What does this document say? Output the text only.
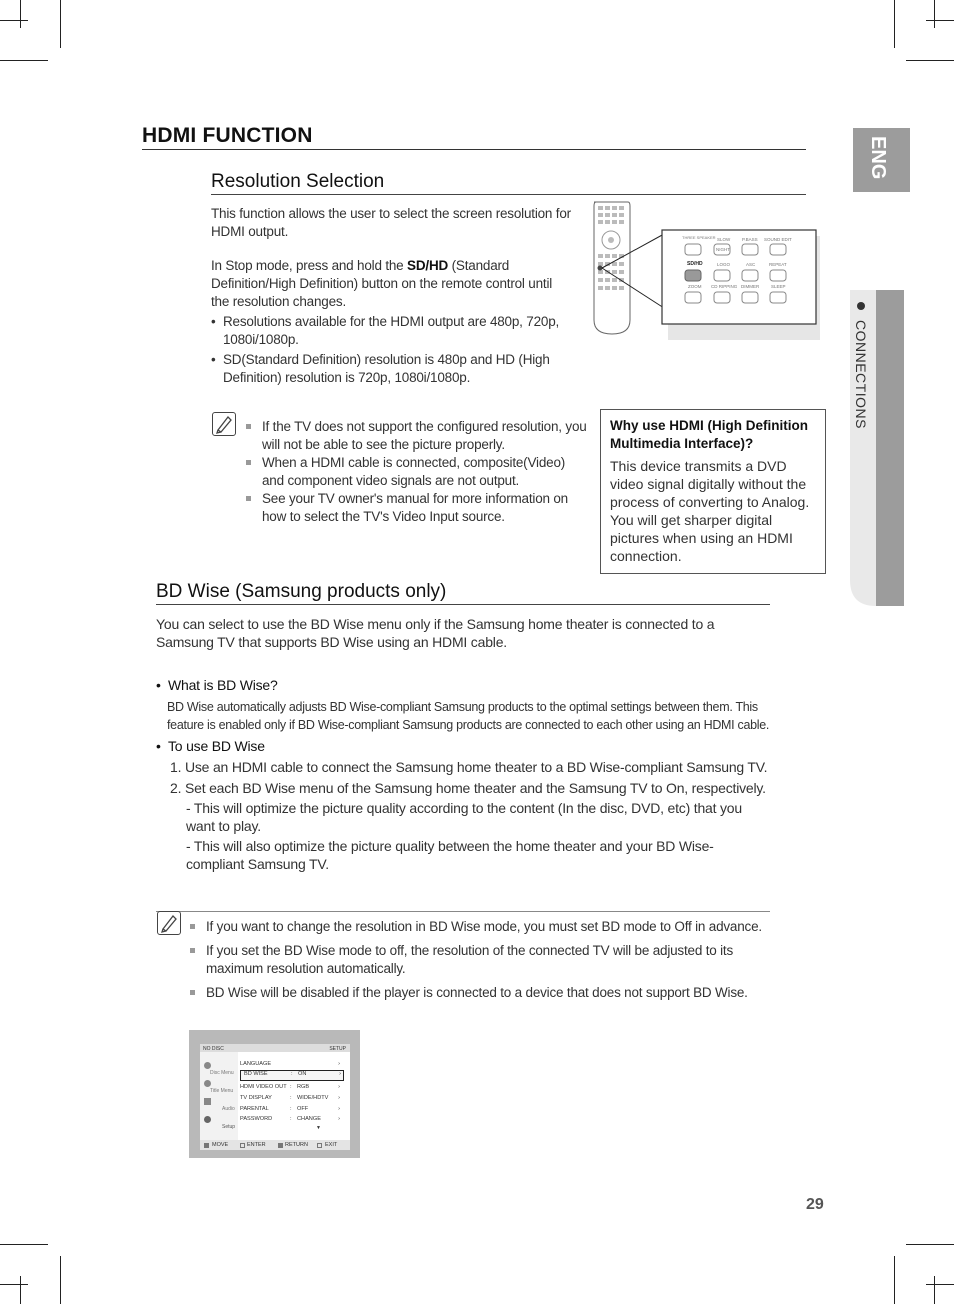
ENG
CONNECTIONS
HDMI FUNCTION
Resolution Selection
This function allows the user to select the screen resolution for HDMI output.
In Stop mode, press and hold the SD/HD (Standard Definition/High Definition) button on the remote control until the resolution changes.
• Resolutions available for the HDMI output are 480p, 720p, 1080i/1080p.
• SD(Standard Definition) resolution is 480p and HD (High Definition) resolution is 720p, 1080i/1080p.
THREE SPEAKER SLOW	P.BASS SOUND EDIT
NIGHT
SD/HD	LOGO	ASC	REPEAT
ZOOM CD RIPPING DIMMER	SLEEP
If the TV does not support the configured resolution, you will not be able to see the picture properly.
When a HDMI cable is connected, composite(Video) and component video signals are not output.
See your TV owner's manual for more information on how to select the TV's Video Input source.
Why use HDMI (High Definition Multimedia Interface)?
This device transmits a DVD video signal digitally without the process of converting to Analog. You will get sharper digital pictures when using an HDMI connection.
BD Wise (Samsung products only)
You can select to use the BD Wise menu only if the Samsung home theater is connected to a Samsung TV that supports BD Wise using an HDMI cable.
• What is BD Wise?
BD Wise automatically adjusts BD Wise-compliant Samsung products to the optimal settings between them. This feature is enabled only if BD Wise-compliant Samsung products are connected to each other using an HDMI cable.
• To use BD Wise
1. Use an HDMI cable to connect the Samsung home theater to a BD Wise-compliant Samsung TV.
2. Set each BD Wise menu of the Samsung home theater and the Samsung TV to On, respectively.
- This will optimize the picture quality according to the content (In the disc, DVD, etc) that you want to play.
- This will also optimize the picture quality between the home theater and your BD Wise-compliant Samsung TV.
If you want to change the resolution in BD Wise mode, you must set BD mode to Off in advance.
If you set the BD Wise mode to off, the resolution of the connected TV will be adjusted to its maximum resolution automatically.
BD Wise will be disabled if the player is connected to a device that does not support BD Wise.
NO DISC	SETUP
Disc Menu
Title Menu
Audio
Setup
LANGUAGE	›
BD WISE	: ON	›
HDMI VIDEO OUT : RGB	›
TV DISPLAY	: WIDE/HDTV ›
PARENTAL	: OFF	›
PASSWORD	: CHANGE	›
▼
MOVE	ENTER	RETURN	EXIT
29
